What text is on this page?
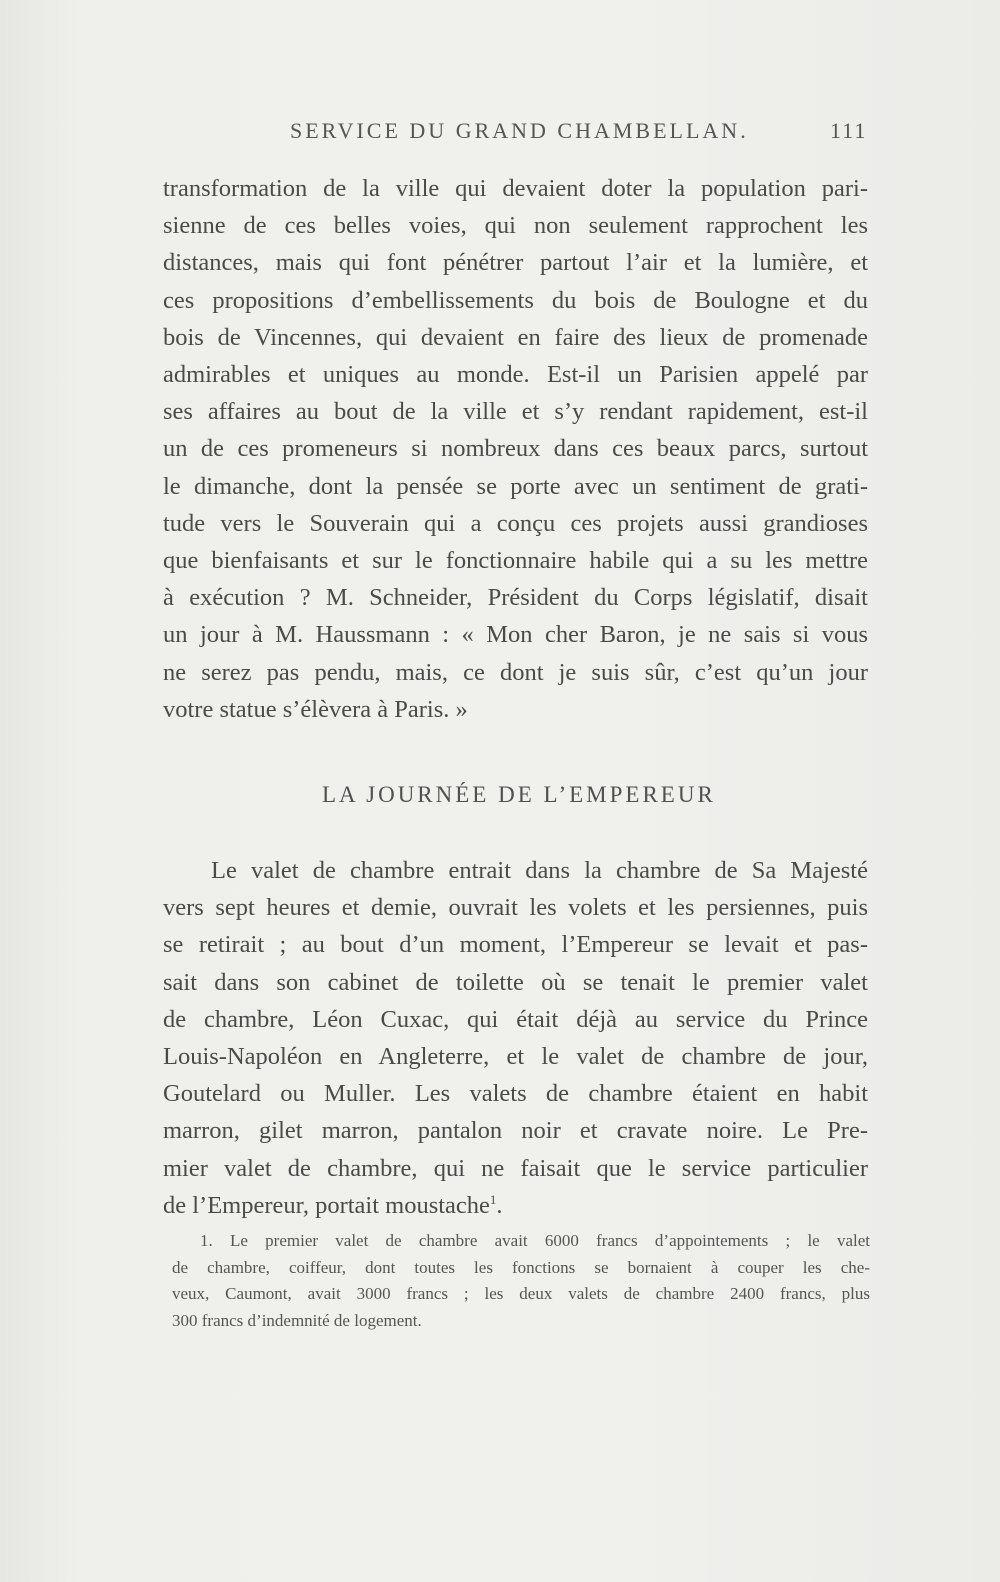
SERVICE DU GRAND CHAMBELLAN.	111
transformation de la ville qui devaient doter la population pari-
sienne de ces belles voies, qui non seulement rapprochent les
distances, mais qui font pénétrer partout l’air et la lumière, et
ces propositions d’embellissements du bois de Boulogne et du
bois de Vincennes, qui devaient en faire des lieux de promenade
admirables et uniques au monde. Est-il un Parisien appelé par
ses affaires au bout de la ville et s’y rendant rapidement, est-il
un de ces promeneurs si nombreux dans ces beaux parcs, surtout
le dimanche, dont la pensée se porte avec un sentiment de grati-
tude vers le Souverain qui a conçu ces projets aussi grandioses
que bienfaisants et sur le fonctionnaire habile qui a su les mettre
à exécution ? M. Schneider, Président du Corps législatif, disait
un jour à M. Haussmann : « Mon cher Baron, je ne sais si vous
ne serez pas pendu, mais, ce dont je suis sûr, c’est qu’un jour
votre statue s’élèvera à Paris. »
LA JOURNÉE DE L’EMPEREUR
Le valet de chambre entrait dans la chambre de Sa Majesté
vers sept heures et demie, ouvrait les volets et les persiennes, puis
se retirait ; au bout d’un moment, l’Empereur se levait et pas-
sait dans son cabinet de toilette où se tenait le premier valet
de chambre, Léon Cuxac, qui était déjà au service du Prince
Louis-Napoléon en Angleterre, et le valet de chambre de jour,
Goutelard ou Muller. Les valets de chambre étaient en habit
marron, gilet marron, pantalon noir et cravate noire. Le Pre-
mier valet de chambre, qui ne faisait que le service particulier
de l’Empereur, portait moustache$^1$.
1. Le premier valet de chambre avait 6000 francs d’appointements ; le valet
de chambre, coiffeur, dont toutes les fonctions se bornaient à couper les che-
veux, Caumont, avait 3000 francs ; les deux valets de chambre 2400 francs, plus
300 francs d’indemnité de logement.
